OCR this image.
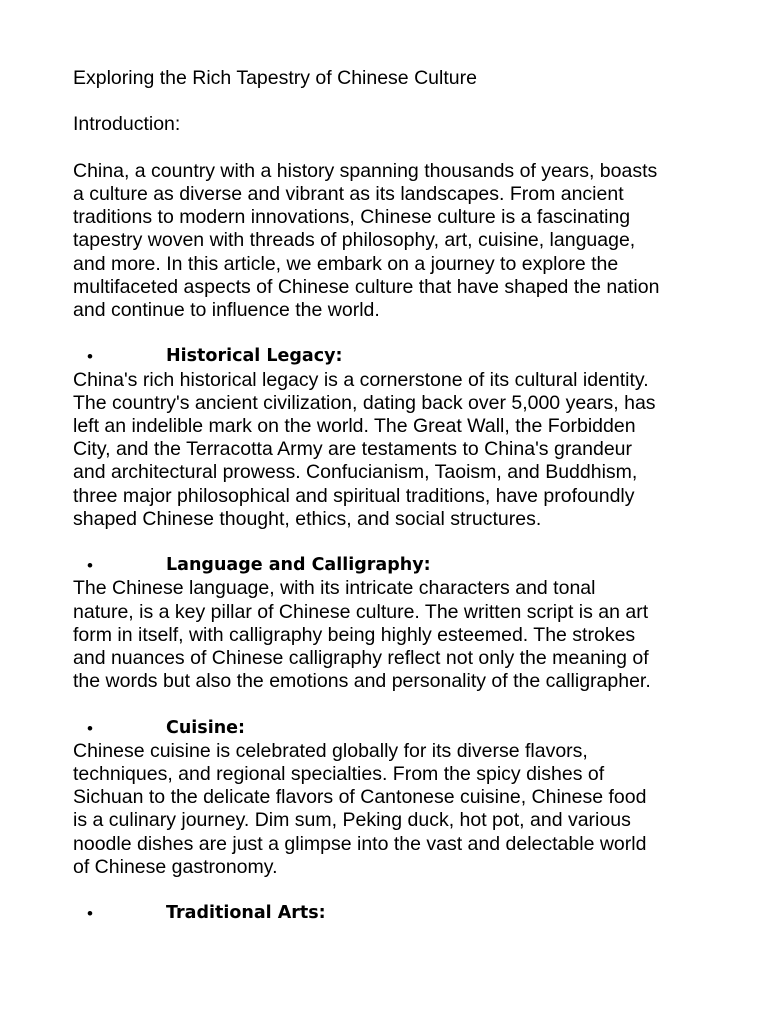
Exploring the Rich Tapestry of Chinese Culture

Introduction:

China, a country with a history spanning thousands of years, boasts
a culture as diverse and vibrant as its landscapes. From ancient
traditions to modern innovations, Chinese culture is a fascinating
tapestry woven with threads of philosophy, art, cuisine, language,
and more. In this article, we embark on a journey to explore the
multifaceted aspects of Chinese culture that have shaped the nation
and continue to influence the world.

•	Historical Legacy:

China's rich historical legacy is a cornerstone of its cultural identity.
The country's ancient civilization, dating back over 5,000 years, has
left an indelible mark on the world. The Great Wall, the Forbidden
City, and the Terracotta Army are testaments to China's grandeur
and architectural prowess. Confucianism, Taoism, and Buddhism,
three major philosophical and spiritual traditions, have profoundly
shaped Chinese thought, ethics, and social structures.

•	Language and Calligraphy:

The Chinese language, with its intricate characters and tonal
nature, is a key pillar of Chinese culture. The written script is an art
form in itself, with calligraphy being highly esteemed. The strokes
and nuances of Chinese calligraphy reflect not only the meaning of
the words but also the emotions and personality of the calligrapher.

•	Cuisine:

Chinese cuisine is celebrated globally for its diverse flavors,
techniques, and regional specialties. From the spicy dishes of
Sichuan to the delicate flavors of Cantonese cuisine, Chinese food
is a culinary journey. Dim sum, Peking duck, hot pot, and various
noodle dishes are just a glimpse into the vast and delectable world
of Chinese gastronomy.

•	Traditional Arts:
